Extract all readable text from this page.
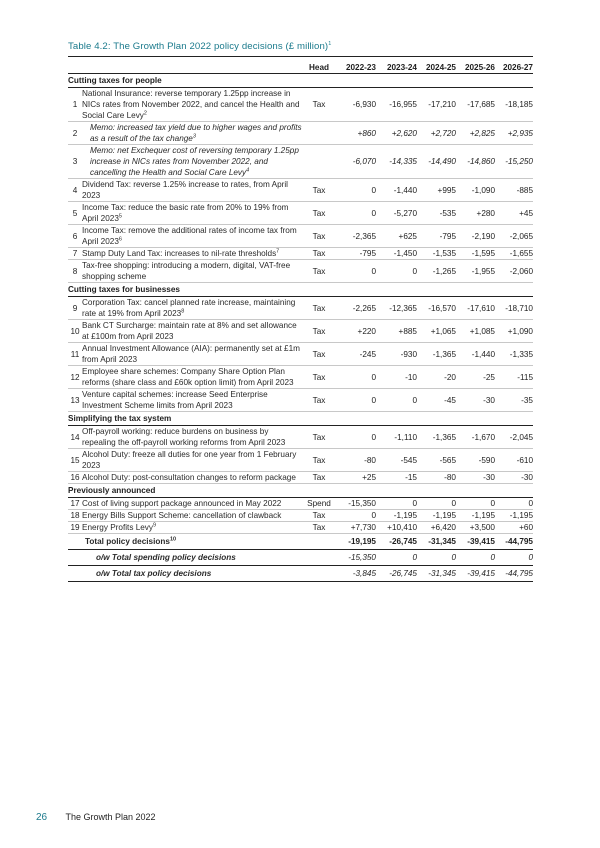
Table 4.2: The Growth Plan 2022 policy decisions (£ million)$^1$
		Head	2022-23	2023-24	2024-25	2025-26	2026-27
Cutting taxes for people							
1	National Insurance: reverse temporary 1.25pp increase in NICs rates from November 2022, and cancel the Health and Social Care Levy$^2$	Tax	-6,930	-16,955	-17,210	-17,685	-18,185
2	Memo: increased tax yield due to higher wages and profits as a result of the tax change$^3$		+860	+2,620	+2,720	+2,825	+2,935
3	Memo: net Exchequer cost of reversing temporary 1.25pp increase in NICs rates from November 2022, and cancelling the Health and Social Care Levy$^4$		-6,070	-14,335	-14,490	-14,860	-15,250
4	Dividend Tax: reverse 1.25% increase to rates, from April 2023	Tax	0	-1,440	+995	-1,090	-885
5	Income Tax: reduce the basic rate from 20% to 19% from April 2023$^5$	Tax	0	-5,270	-535	+280	+45
6	Income Tax: remove the additional rates of income tax from April 2023$^6$	Tax	-2,365	+625	-795	-2,190	-2,065
7	Stamp Duty Land Tax: increases to nil-rate thresholds$^7$	Tax	-795	-1,450	-1,535	-1,595	-1,655
8	Tax-free shopping: introducing a modern, digital, VAT-free shopping scheme	Tax	0	0	-1,265	-1,955	-2,060
Cutting taxes for businesses							
9	Corporation Tax: cancel planned rate increase, maintaining rate at 19% from April 2023$^8$	Tax	-2,265	-12,365	-16,570	-17,610	-18,710
10	Bank CT Surcharge: maintain rate at 8% and set allowance at £100m from April 2023	Tax	+220	+885	+1,065	+1,085	+1,090
11	Annual Investment Allowance (AIA): permanently set at £1m from April 2023	Tax	-245	-930	-1,365	-1,440	-1,335
12	Employee share schemes: Company Share Option Plan reforms (share class and £60k option limit) from April 2023	Tax	0	-10	-20	-25	-115
13	Venture capital schemes: increase Seed Enterprise Investment Scheme limits from April 2023	Tax	0	0	-45	-30	-35
Simplifying the tax system							
14	Off-payroll working: reduce burdens on business by repealing the off-payroll working reforms from April 2023	Tax	0	-1,110	-1,365	-1,670	-2,045
15	Alcohol Duty: freeze all duties for one year from 1 February 2023	Tax	-80	-545	-565	-590	-610
16	Alcohol Duty: post-consultation changes to reform package	Tax	+25	-15	-80	-30	-30
Previously announced							
17	Cost of living support package announced in May 2022	Spend	-15,350	0	0	0	0
18	Energy Bills Support Scheme: cancellation of clawback	Tax	0	-1,195	-1,195	-1,195	-1,195
19	Energy Profits Levy$^9$	Tax	+7,730	+10,410	+6,420	+3,500	+60
	Total policy decisions$^{10}$		-19,195	-26,745	-31,345	-39,415	-44,795
	o/w Total spending policy decisions		-15,350	0	0	0	0
	o/w Total tax policy decisions		-3,845	-26,745	-31,345	-39,415	-44,795
26 The Growth Plan 2022
